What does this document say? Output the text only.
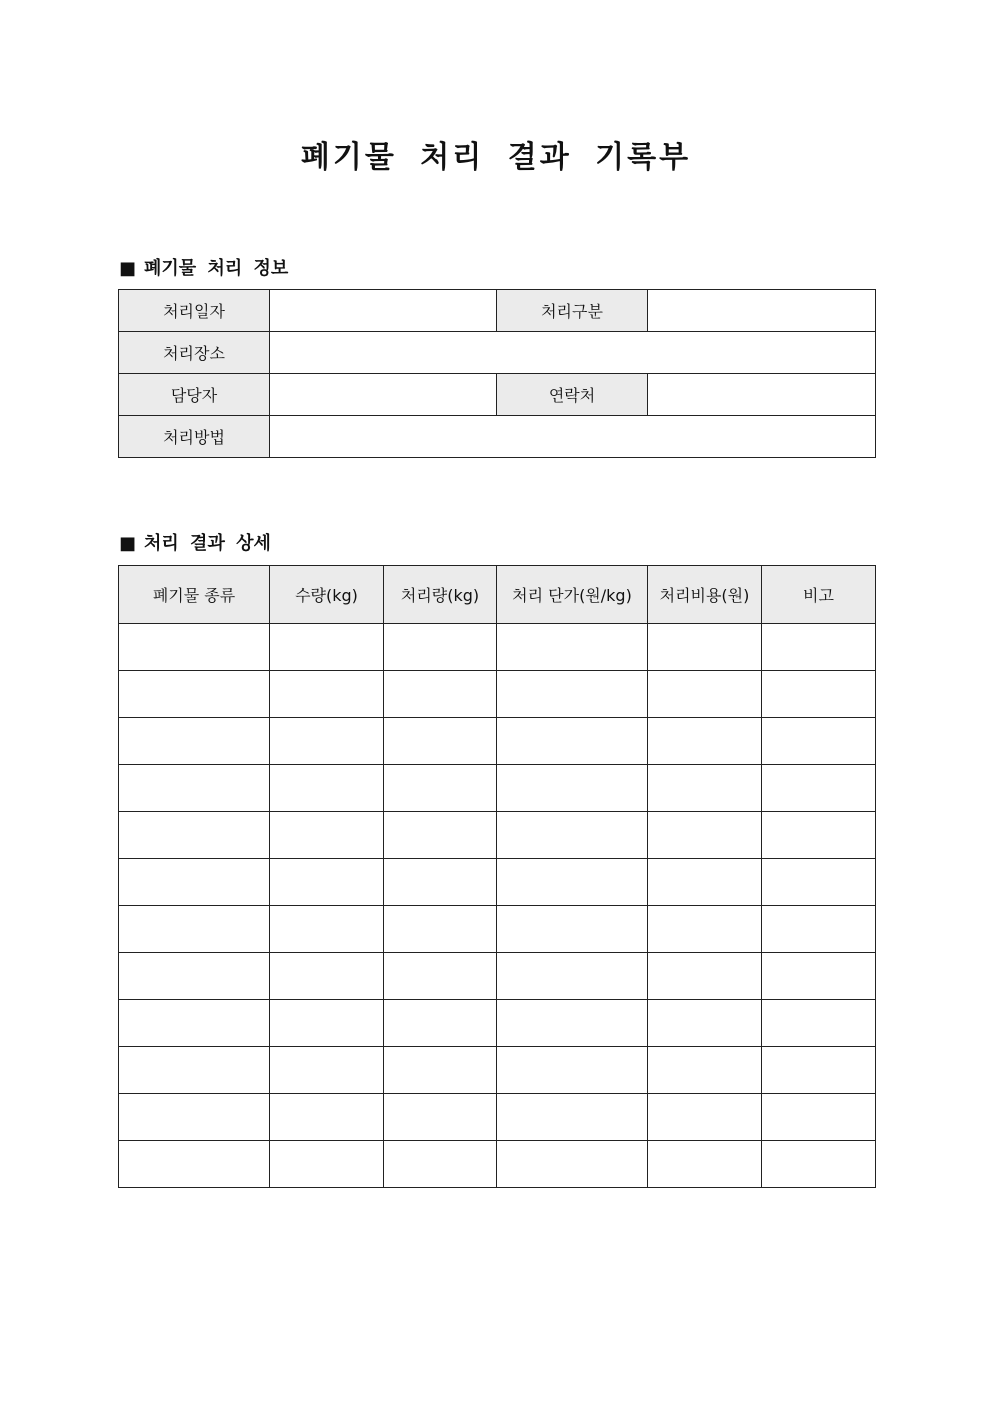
폐기물 처리 결과 기록부
■ 폐기물 처리 정보
처리일자		처리구분	
처리장소			
담당자		연락처	
처리방법			
■ 처리 결과 상세
폐기물 종류	수량(kg)	처리량(kg)	처리 단가(원/kg)	처리비용(원)	비고
